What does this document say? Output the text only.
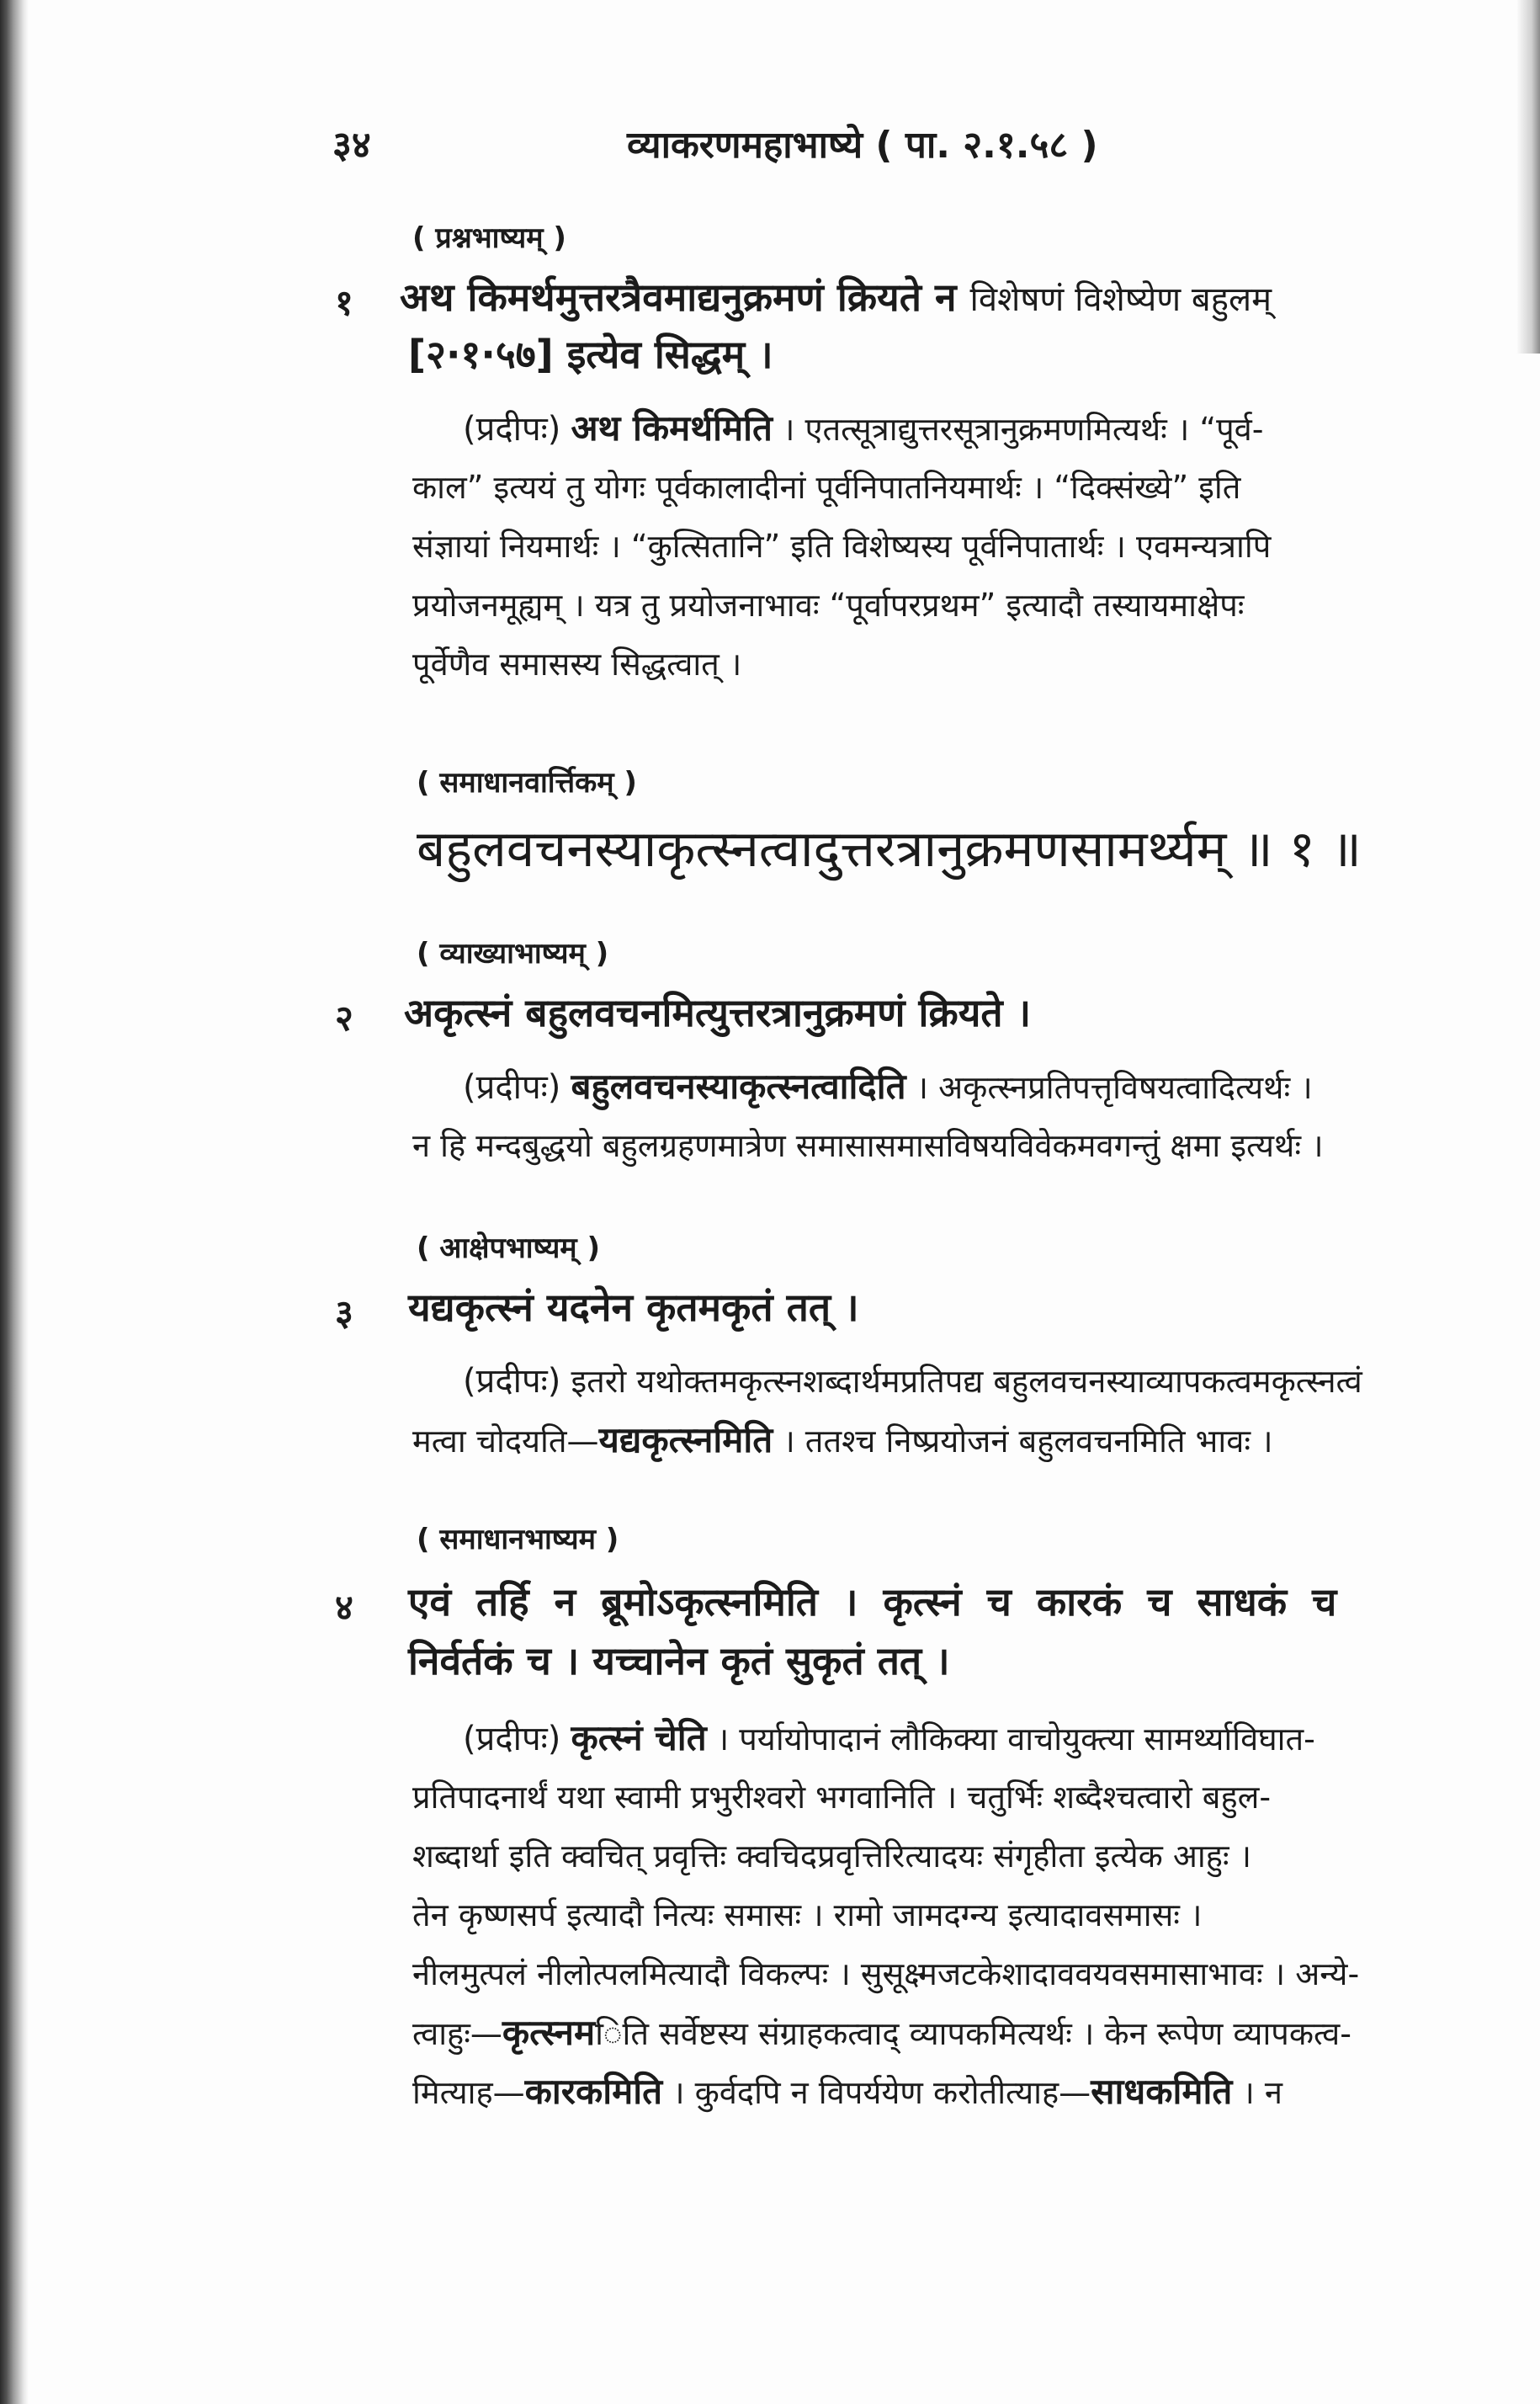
३४	व्याकरणमहाभाष्ये ( पा. २.१.५८ )
( प्रश्नभाष्यम् )
१ अथ किमर्थमुत्तरत्रैवमाद्यनुक्रमणं क्रियते न विशेषणं विशेष्येण बहुलम्
[२·१·५७] इत्येव सिद्धम् ।
(प्रदीपः) अथ किमर्थमिति । एतत्सूत्राद्युत्तरसूत्रानुक्रमणमित्यर्थः । “पूर्व-
काल” इत्ययं तु योगः पूर्वकालादीनां पूर्वनिपातनियमार्थः । “दिक्संख्ये” इति
संज्ञायां नियमार्थः । “कुत्सितानि” इति विशेष्यस्य पूर्वनिपातार्थः । एवमन्यत्रापि
प्रयोजनमूह्यम् । यत्र तु प्रयोजनाभावः “पूर्वापरप्रथम” इत्यादौ तस्यायमाक्षेपः
पूर्वेणैव समासस्य सिद्धत्वात् ।
( समाधानवार्त्तिकम् )
बहुलवचनस्याकृत्स्नत्वादुत्तरत्रानुक्रमणसामर्थ्यम् ॥ १ ॥
( व्याख्याभाष्यम् )
२ अकृत्स्नं बहुलवचनमित्युत्तरत्रानुक्रमणं क्रियते ।
(प्रदीपः) बहुलवचनस्याकृत्स्नत्वादिति । अकृत्स्नप्रतिपत्तृविषयत्वादित्यर्थः ।
न हि मन्दबुद्धयो बहुलग्रहणमात्रेण समासासमासविषयविवेकमवगन्तुं क्षमा इत्यर्थः ।
( आक्षेपभाष्यम् )
३ यद्यकृत्स्नं यदनेन कृतमकृतं तत् ।
(प्रदीपः) इतरो यथोक्तमकृत्स्नशब्दार्थमप्रतिपद्य बहुलवचनस्याव्यापकत्वमकृत्स्नत्वं
मत्वा चोदयति—यद्यकृत्स्नमिति । ततश्च निष्प्रयोजनं बहुलवचनमिति भावः ।
( समाधानभाष्यम )
४ एवं तर्हि न ब्रूमोऽकृत्स्नमिति । कृत्स्नं च कारकं च साधकं च
निर्वर्तकं च । यच्चानेन कृतं सुकृतं तत् ।
(प्रदीपः) कृत्स्नं चेति । पर्यायोपादानं लौकिक्या वाचोयुक्त्या सामर्थ्याविघात-
प्रतिपादनार्थं यथा स्वामी प्रभुरीश्वरो भगवानिति । चतुर्भिः शब्दैश्चत्वारो बहुल-
शब्दार्था इति क्वचित् प्रवृत्तिः क्वचिदप्रवृत्तिरित्यादयः संगृहीता इत्येक आहुः ।
तेन कृष्णसर्प इत्यादौ नित्यः समासः । रामो जामदग्न्य इत्यादावसमासः ।
नीलमुत्पलं नीलोत्पलमित्यादौ विकल्पः । सुसूक्ष्मजटकेशादाववयवसमासाभावः । अन्ये-
त्वाहुः—कृत्स्नमिति सर्वेष्टस्य संग्राहकत्वाद् व्यापकमित्यर्थः । केन रूपेण व्यापकत्व-
मित्याह—कारकमिति । कुर्वदपि न विपर्ययेण करोतीत्याह—साधकमिति । न
